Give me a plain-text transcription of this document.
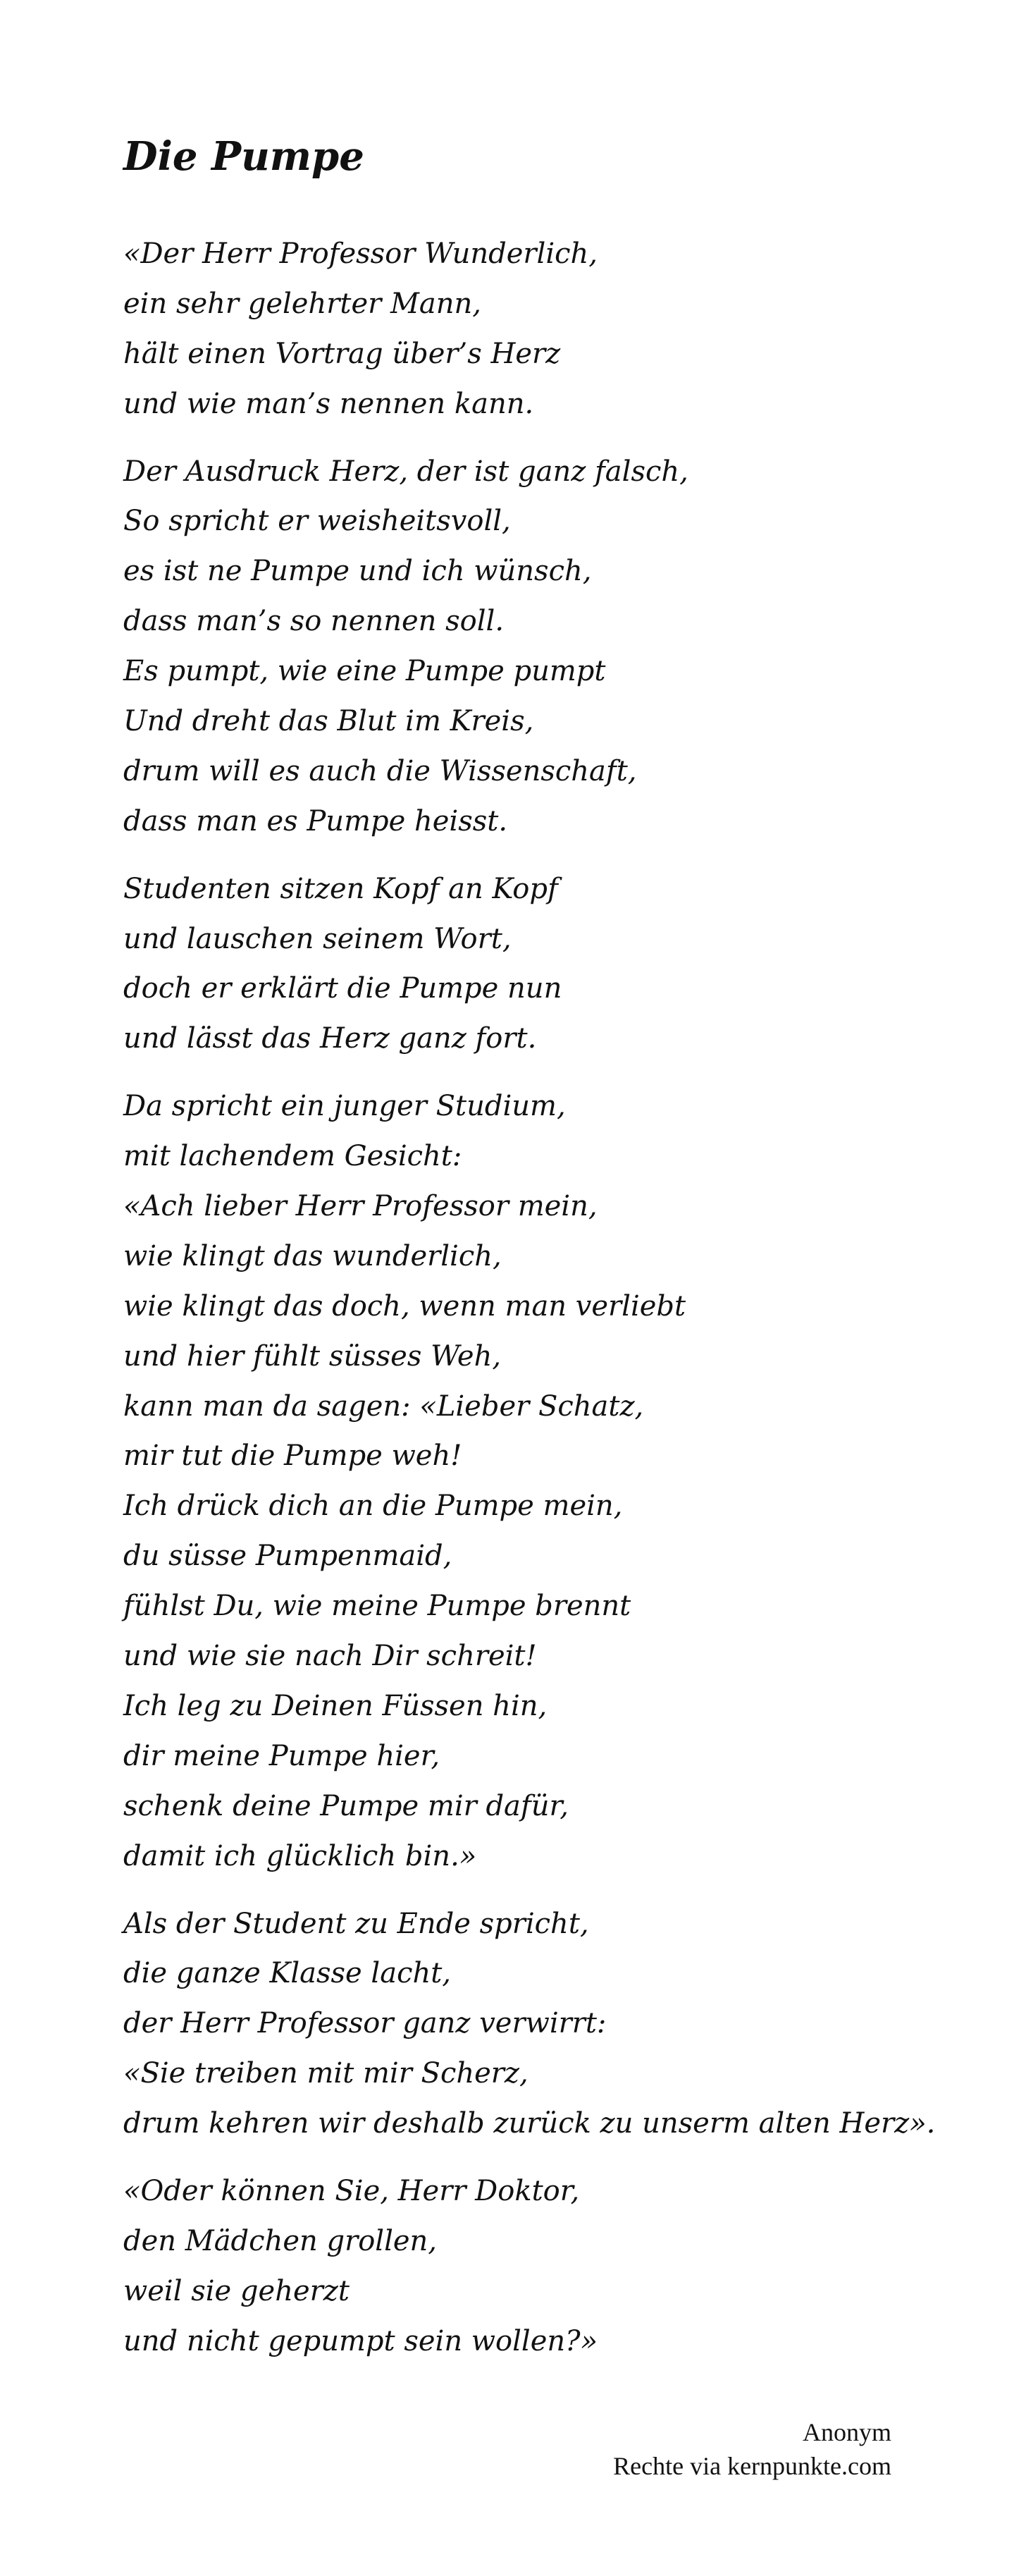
Die Pumpe
«Der Herr Professor Wunderlich,
ein sehr gelehrter Mann,
hält einen Vortrag über’s Herz
und wie man’s nennen kann.
Der Ausdruck Herz, der ist ganz falsch,
So spricht er weisheitsvoll,
es ist ne Pumpe und ich wünsch,
dass man’s so nennen soll.
Es pumpt, wie eine Pumpe pumpt
Und dreht das Blut im Kreis,
drum will es auch die Wissenschaft,
dass man es Pumpe heisst.
Studenten sitzen Kopf an Kopf
und lauschen seinem Wort,
doch er erklärt die Pumpe nun
und lässt das Herz ganz fort.
Da spricht ein junger Studium,
mit lachendem Gesicht:
«Ach lieber Herr Professor mein,
wie klingt das wunderlich,
wie klingt das doch, wenn man verliebt
und hier fühlt süsses Weh,
kann man da sagen: «Lieber Schatz,
mir tut die Pumpe weh!
Ich drück dich an die Pumpe mein,
du süsse Pumpenmaid,
fühlst Du, wie meine Pumpe brennt
und wie sie nach Dir schreit!
Ich leg zu Deinen Füssen hin,
dir meine Pumpe hier,
schenk deine Pumpe mir dafür,
damit ich glücklich bin.»
Als der Student zu Ende spricht,
die ganze Klasse lacht,
der Herr Professor ganz verwirrt:
«Sie treiben mit mir Scherz,
drum kehren wir deshalb zurück zu unserm alten Herz».
«Oder können Sie, Herr Doktor,
den Mädchen grollen,
weil sie geherzt
und nicht gepumpt sein wollen?»
Anonym
Rechte via kernpunkte.com
